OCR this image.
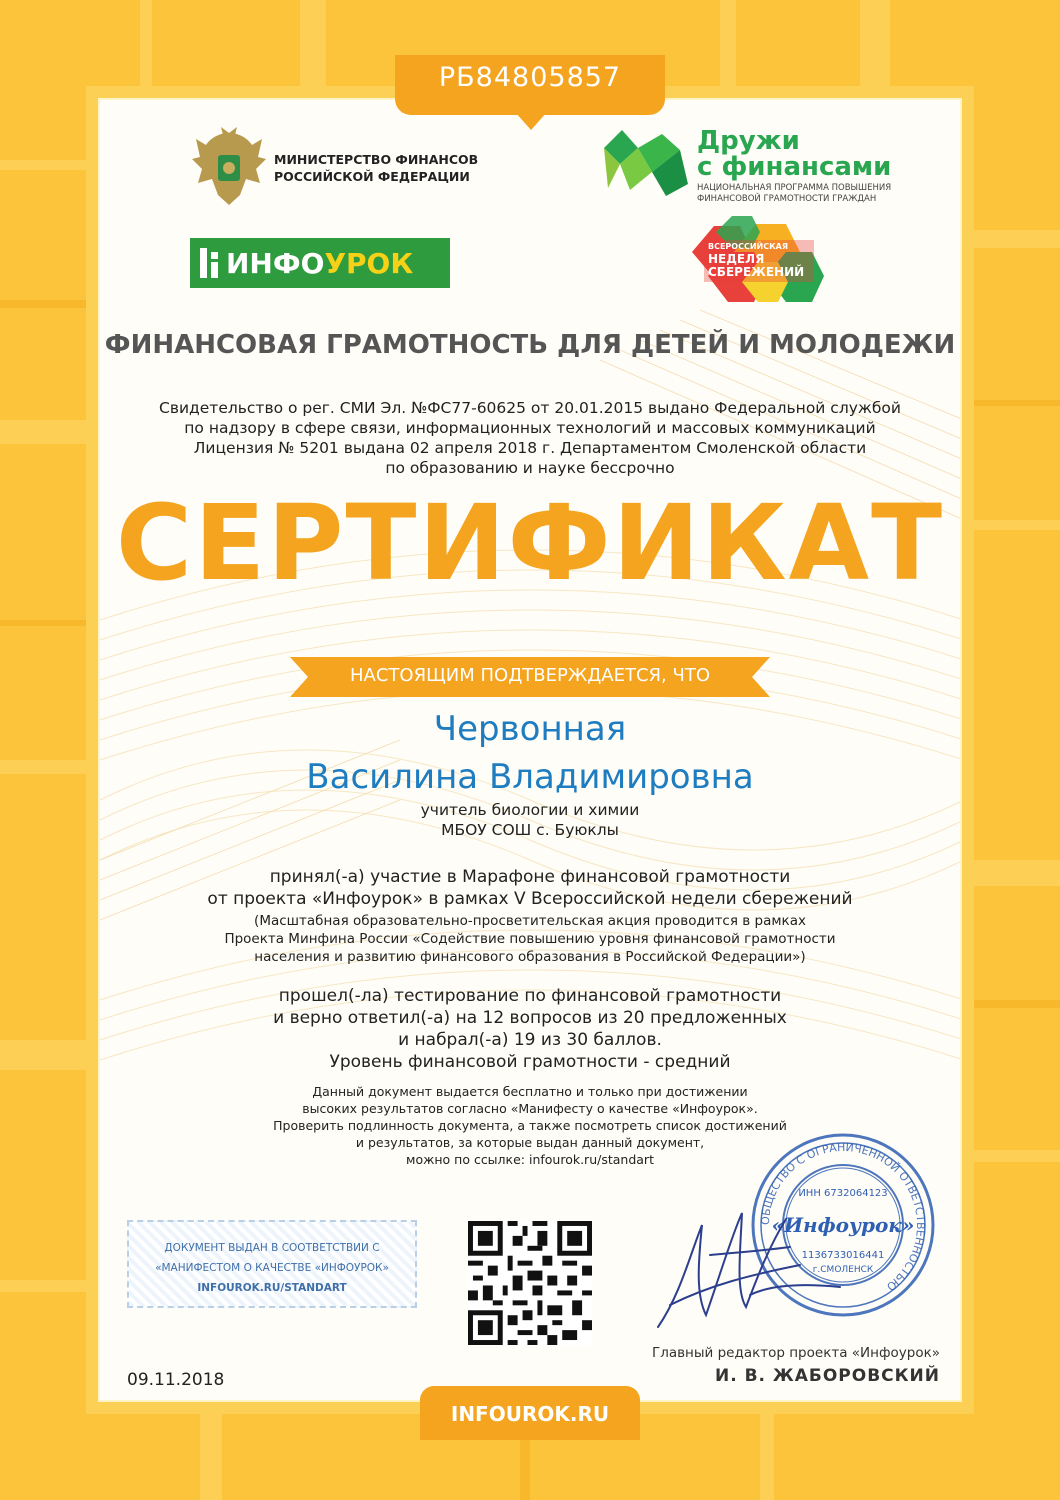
РБ84805857
МИНИСТЕРСТВО ФИНАНСОВ
РОССИЙСКОЙ ФЕДЕРАЦИИ
Дружи
с финансами
НАЦИОНАЛЬНАЯ ПРОГРАММА ПОВЫШЕНИЯ
ФИНАНСОВОЙ ГРАМОТНОСТИ ГРАЖДАН
ИНФОУРОК
ВСЕРОССИЙСКАЯ
НЕДЕЛЯ
СБЕРЕЖЕНИЙ
ФИНАНСОВАЯ ГРАМОТНОСТЬ ДЛЯ ДЕТЕЙ И МОЛОДЕЖИ
Свидетельство о рег. СМИ Эл. №ФС77-60625 от 20.01.2015 выдано Федеральной службой
по надзору в сфере связи, информационных технологий и массовых коммуникаций
Лицензия № 5201 выдана 02 апреля 2018 г. Департаментом Смоленской области
по образованию и науке бессрочно
СЕРТИФИКАТ
НАСТОЯЩИМ ПОДТВЕРЖДАЕТСЯ, ЧТО
Червонная
Василина Владимировна
учитель биологии и химии
МБОУ СОШ с. Буюклы
принял(-а) участие в Марафоне финансовой грамотности
от проекта «Инфоурок» в рамках V Всероссийской недели сбережений
(Масштабная образовательно-просветительская акция проводится в рамках
Проекта Минфина России «Содействие повышению уровня финансовой грамотности
населения и развитию финансового образования в Российской Федерации»)
прошел(-ла) тестирование по финансовой грамотности
и верно ответил(-а) на 12 вопросов из 20 предложенных
и набрал(-а) 19 из 30 баллов.
Уровень финансовой грамотности - средний
Данный документ выдается бесплатно и только при достижении
высоких результатов согласно «Манифесту о качестве «Инфоурок».
Проверить подлинность документа, а также посмотреть список достижений
и результатов, за которые выдан данный документ,
можно по ссылке: infourok.ru/standart
ДОКУМЕНТ ВЫДАН В СООТВЕТСТВИИ С
«МАНИФЕСТОМ О КАЧЕСТВЕ «ИНФОУРОК»
INFOUROK.RU/STANDART
ОБЩЕСТВО С ОГРАНИЧЕННОЙ ОТВЕТСТВЕННОСТЬЮ
ИНН 6732064123
«Инфоурок»
1136733016441
г.СМОЛЕНСК
Главный редактор проекта «Инфоурок»
И. В. ЖАБОРОВСКИЙ
09.11.2018
INFOUROK.RU
